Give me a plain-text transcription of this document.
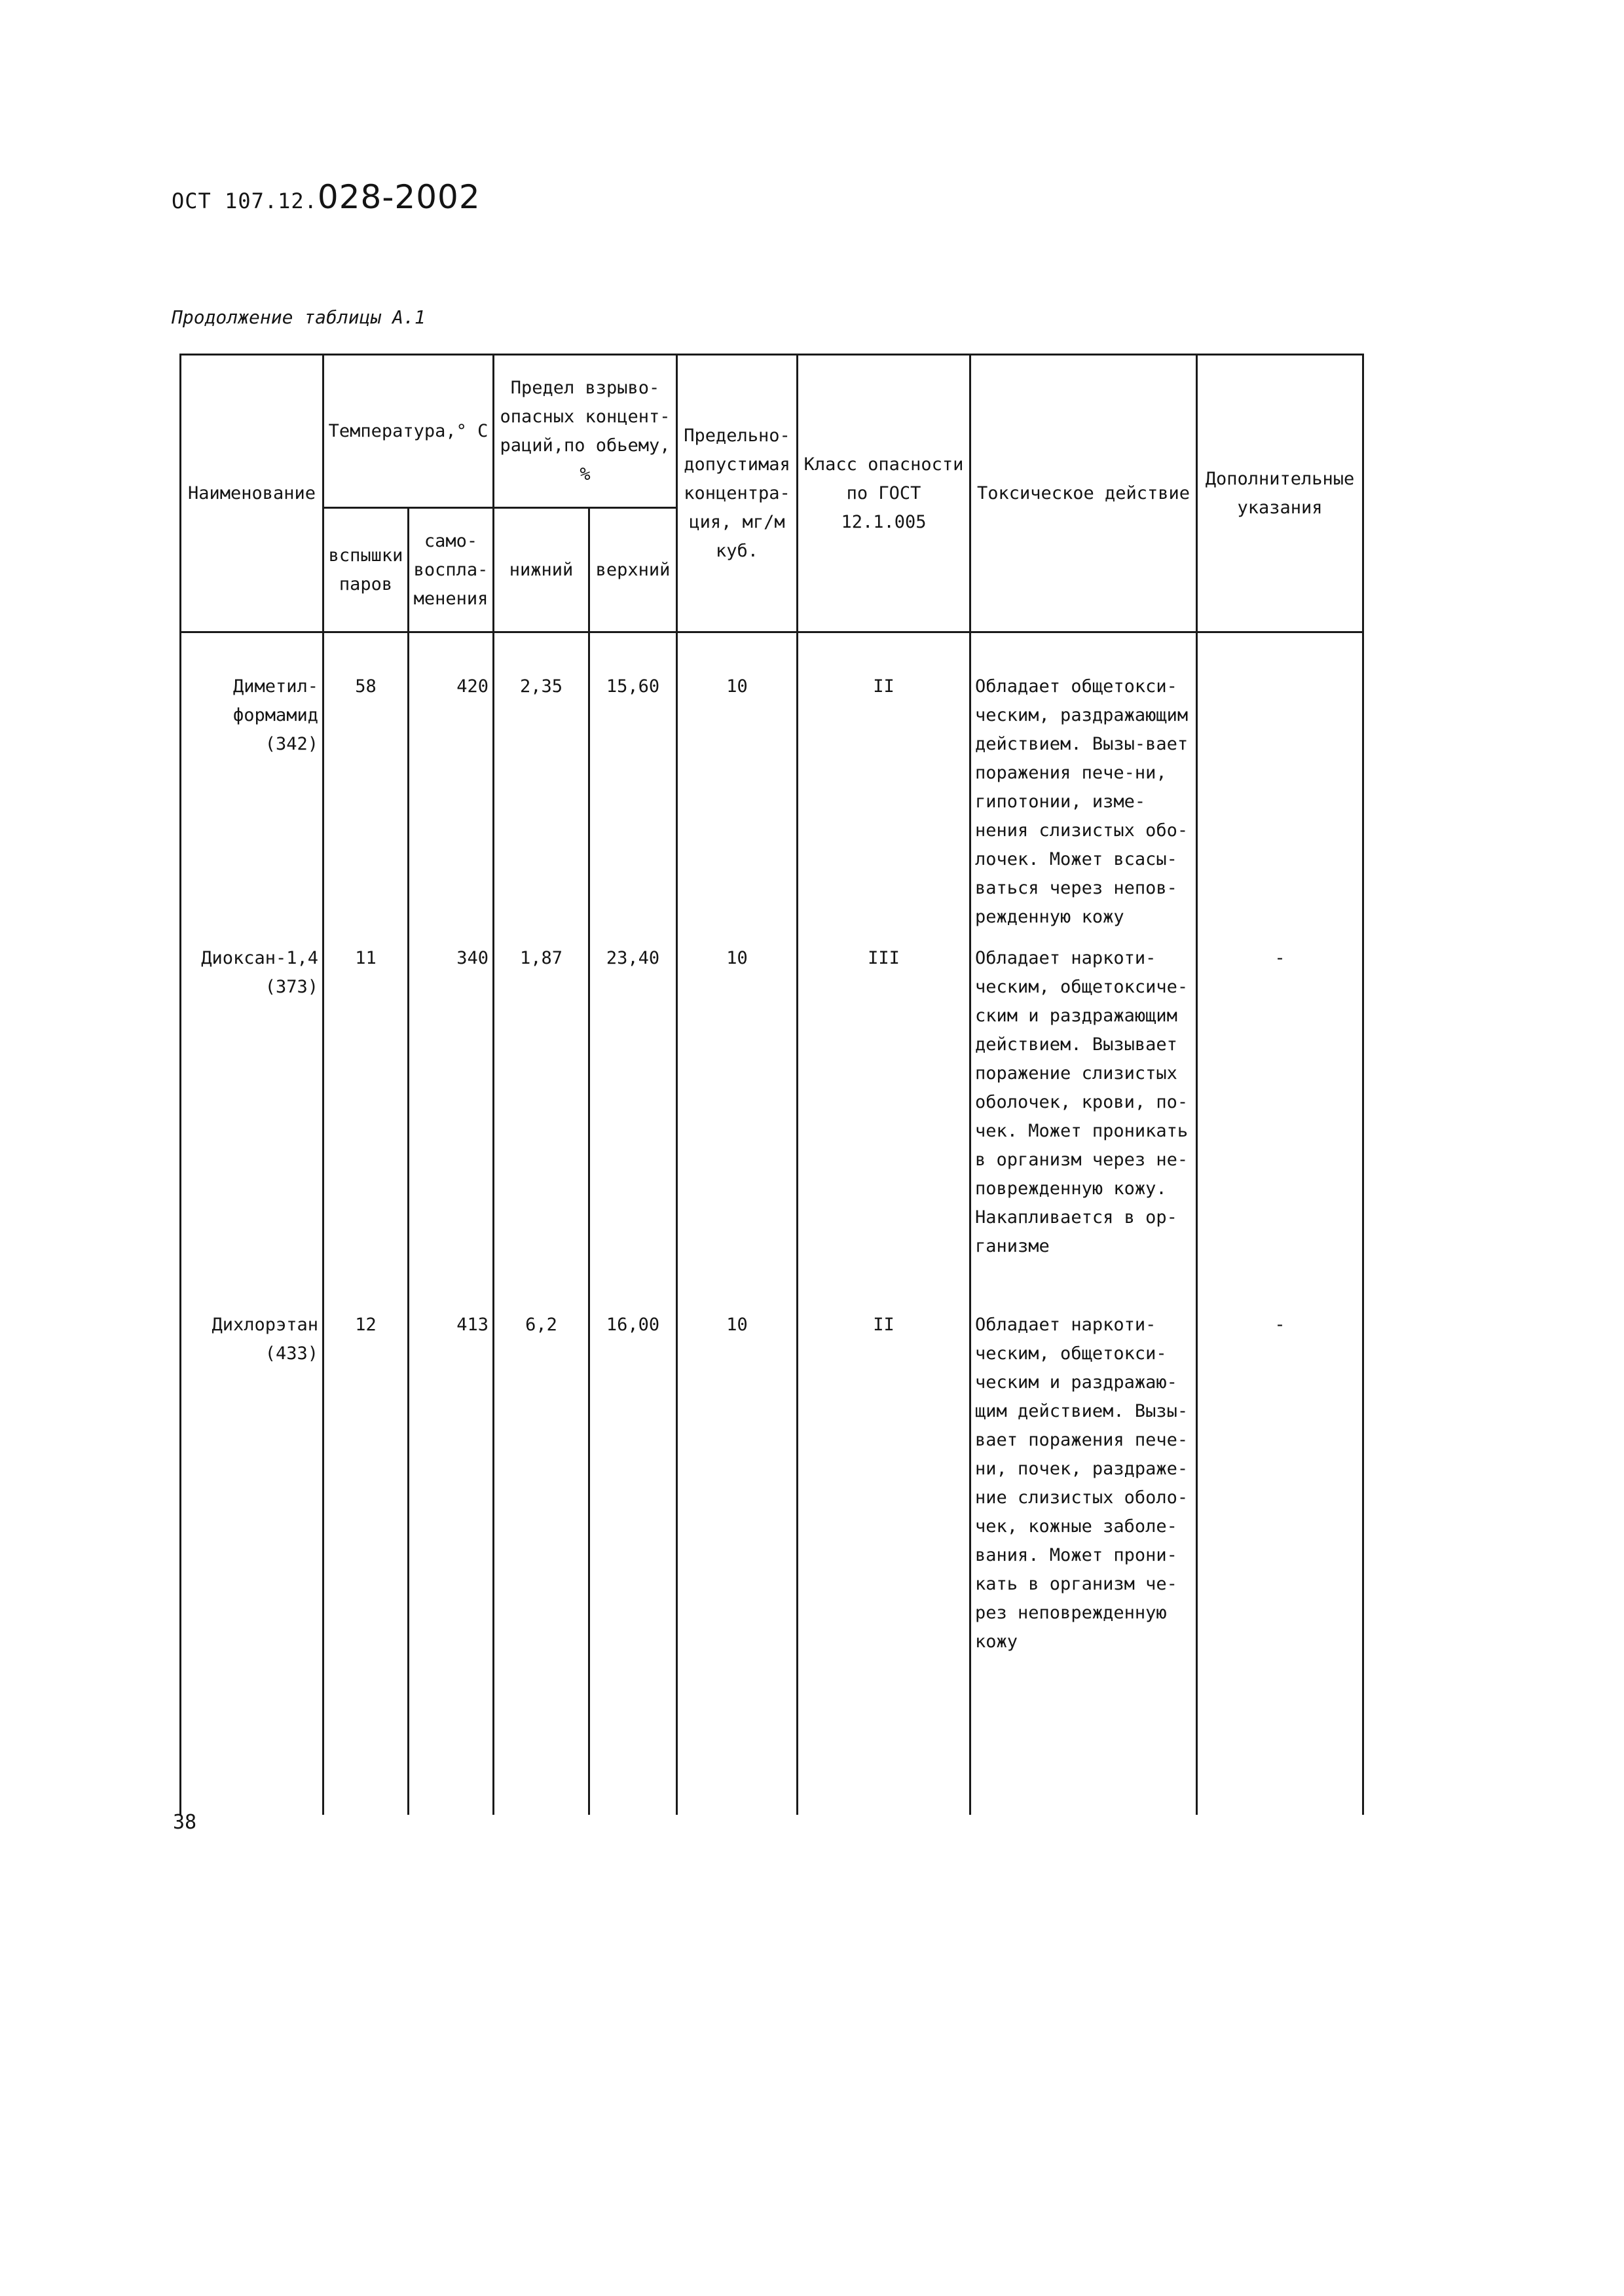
ОСТ 107.12.028-2002
Продолжение таблицы А.1
Наименование	Температура,° С		Предел взрыво-опасных концент-раций,по обьему, %		Предельно-допустимая концентра-ция, мг/м куб.	Класс опасности по ГОСТ 12.1.005	Токсическое действие	Дополнительные указания
	вспышки паров	само-воспла-менения	нижний	верхний				
Диметил-формамид (342)	58	420	2,35	15,60	10	II	Обладает общетокси-ческим, раздражающим действием. Вызы-вает поражения пече-ни, гипотонии, изме-нения слизистых обо-лочек. Может всасы-ваться через непов-режденную кожу	
Диоксан-1,4 (373)	11	340	1,87	23,40	10	III	Обладает наркоти-ческим, общетоксиче-ским и раздражающим действием. Вызывает поражение слизистых оболочек, крови, по-чек. Может проникать в организм через не-поврежденную кожу. Накапливается в ор-ганизме	-
Дихлорэтан (433)	12	413	6,2	16,00	10	II	Обладает наркоти-ческим, общетокси-ческим и раздражаю-щим действием. Вызы-вает поражения пече-ни, почек, раздраже-ние слизистых оболо-чек, кожные заболе-вания. Может прони-кать в организм че-рез неповрежденную кожу	-
38
